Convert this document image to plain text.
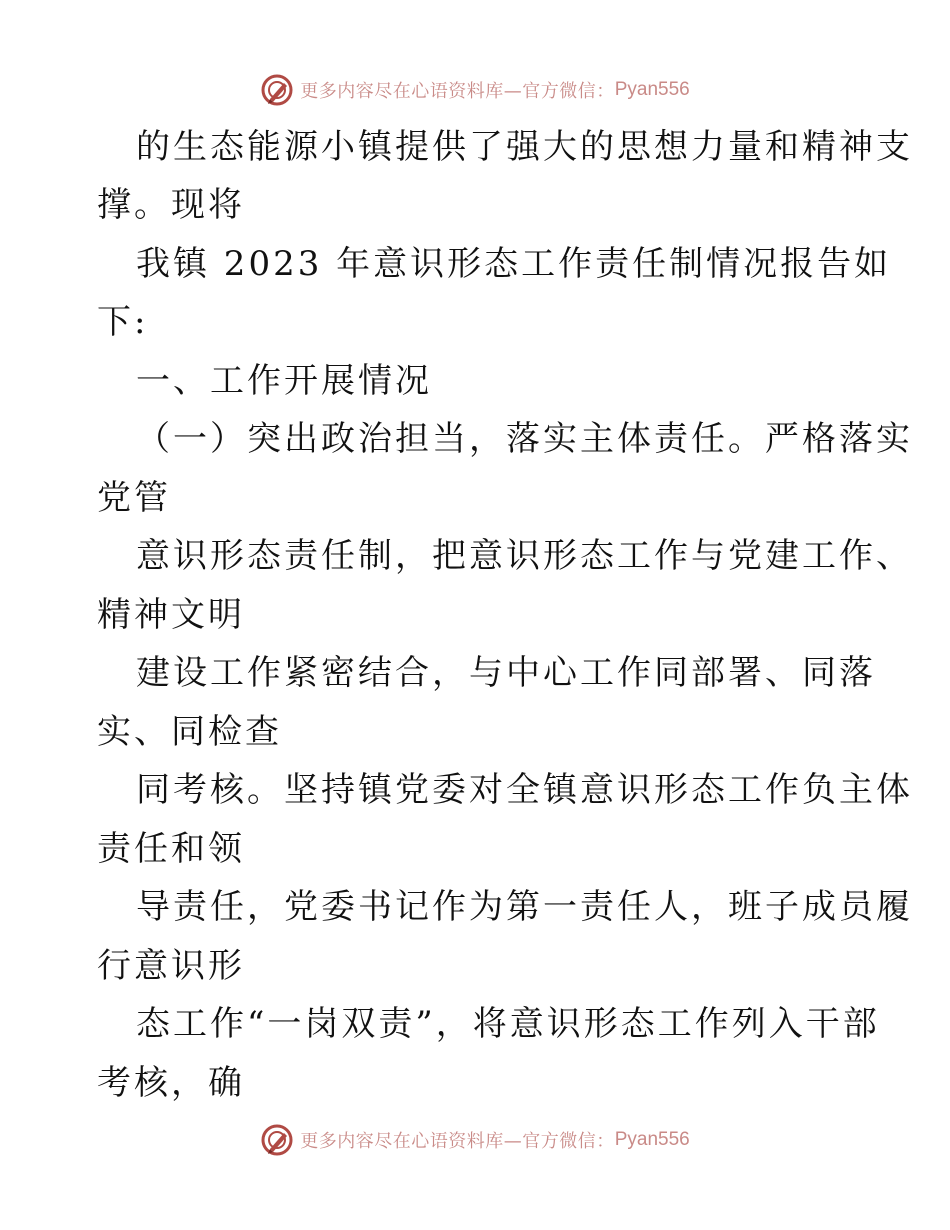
更多内容尽在心语资料库—官方微信： Pyan556
的生态能源小镇提供了强大的思想力量和精神支
撑。现将
我镇 2023 年意识形态工作责任制情况报告如
下:
一、工作开展情况
（一）突出政治担当，落实主体责任。严格落实
党管
意识形态责任制，把意识形态工作与党建工作、
精神文明
建设工作紧密结合，与中心工作同部署、同落
实、同检查
同考核。坚持镇党委对全镇意识形态工作负主体
责任和领
导责任，党委书记作为第一责任人，班子成员履
行意识形
态工作“一岗双责”，将意识形态工作列入干部
考核，确
更多内容尽在心语资料库—官方微信： Pyan556
